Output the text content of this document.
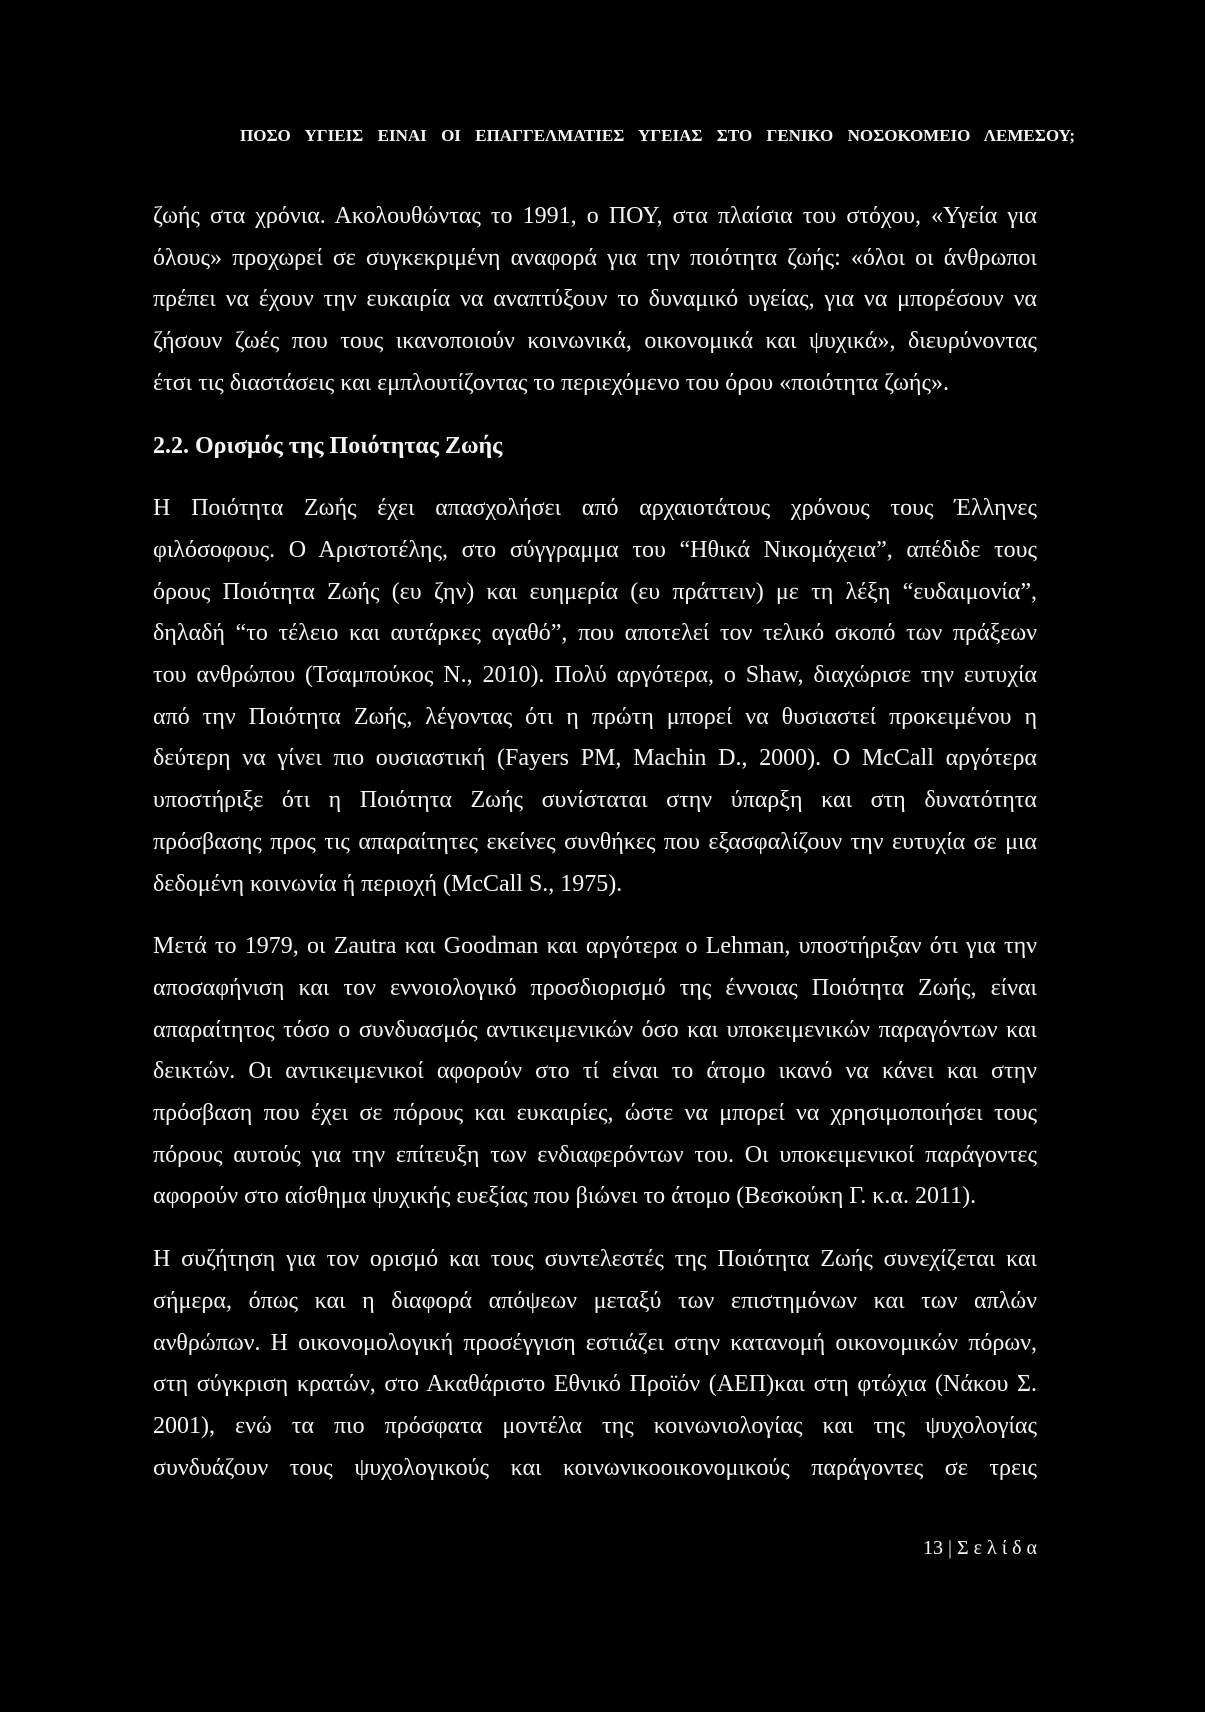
ΠΟΣΟ ΥΓΙΕΙΣ ΕΙΝΑΙ ΟΙ ΕΠΑΓΓΕΛΜΑΤΙΕΣ ΥΓΕΙΑΣ ΣΤΟ ΓΕΝΙΚΟ ΝΟΣΟΚΟΜΕΙΟ ΛΕΜΕΣΟΥ;
ζωής στα χρόνια. Ακολουθώντας το 1991, ο ΠΟΥ, στα πλαίσια του στόχου, «Υγεία για
όλους» προχωρεί σε συγκεκριμένη αναφορά για την ποιότητα ζωής: «όλοι οι άνθρωποι
πρέπει να έχουν την ευκαιρία να αναπτύξουν το δυναμικό υγείας, για να μπορέσουν να
ζήσουν ζωές που τους ικανοποιούν κοινωνικά, οικονομικά και ψυχικά», διευρύνοντας
έτσι τις διαστάσεις και εμπλουτίζοντας το περιεχόμενο του όρου «ποιότητα ζωής».
2.2. Ορισμός της Ποιότητας Ζωής
Η Ποιότητα Ζωής έχει απασχολήσει από αρχαιοτάτους χρόνους τους Έλληνες
φιλόσοφους. Ο Αριστοτέλης, στο σύγγραμμα του “Ηθικά Νικομάχεια”, απέδιδε τους
όρους Ποιότητα Ζωής (ευ ζην) και ευημερία (ευ πράττειν) με τη λέξη “ευδαιμονία”,
δηλαδή “το τέλειο και αυτάρκες αγαθό”, που αποτελεί τον τελικό σκοπό των πράξεων
του ανθρώπου (Τσαμπούκος Ν., 2010). Πολύ αργότερα, ο Shaw, διαχώρισε την ευτυχία
από την Ποιότητα Ζωής, λέγοντας ότι η πρώτη μπορεί να θυσιαστεί προκειμένου η
δεύτερη να γίνει πιο ουσιαστική (Fayers PM, Machin D., 2000). Ο McCall αργότερα
υποστήριξε ότι η Ποιότητα Ζωής συνίσταται στην ύπαρξη και στη δυνατότητα
πρόσβασης προς τις απαραίτητες εκείνες συνθήκες που εξασφαλίζουν την ευτυχία σε μια
δεδομένη κοινωνία ή περιοχή (McCall S., 1975).
Μετά το 1979, οι Zautra και Goodman και αργότερα ο Lehman, υποστήριξαν ότι για την
αποσαφήνιση και τον εννοιολογικό προσδιορισμό της έννοιας Ποιότητα Ζωής, είναι
απαραίτητος τόσο ο συνδυασμός αντικειμενικών όσο και υποκειμενικών παραγόντων και
δεικτών. Οι αντικειμενικοί αφορούν στο τί είναι το άτομο ικανό να κάνει και στην
πρόσβαση που έχει σε πόρους και ευκαιρίες, ώστε να μπορεί να χρησιμοποιήσει τους
πόρους αυτούς για την επίτευξη των ενδιαφερόντων του. Οι υποκειμενικοί παράγοντες
αφορούν στο αίσθημα ψυχικής ευεξίας που βιώνει το άτομο (Βεσκούκη Γ. κ.α. 2011).
Η συζήτηση για τον ορισμό και τους συντελεστές της Ποιότητα Ζωής συνεχίζεται και
σήμερα, όπως και η διαφορά απόψεων μεταξύ των επιστημόνων και των απλών
ανθρώπων. Η οικονομολογική προσέγγιση εστιάζει στην κατανομή οικονομικών πόρων,
στη σύγκριση κρατών, στο Ακαθάριστο Εθνικό Προϊόν (ΑΕΠ)και στη φτώχια (Νάκου Σ.
2001), ενώ τα πιο πρόσφατα μοντέλα της κοινωνιολογίας και της ψυχολογίας
συνδυάζουν τους ψυχολογικούς και κοινωνικοοικονομικούς παράγοντες σε τρεις
13 | Σ ε λ ί δ α
